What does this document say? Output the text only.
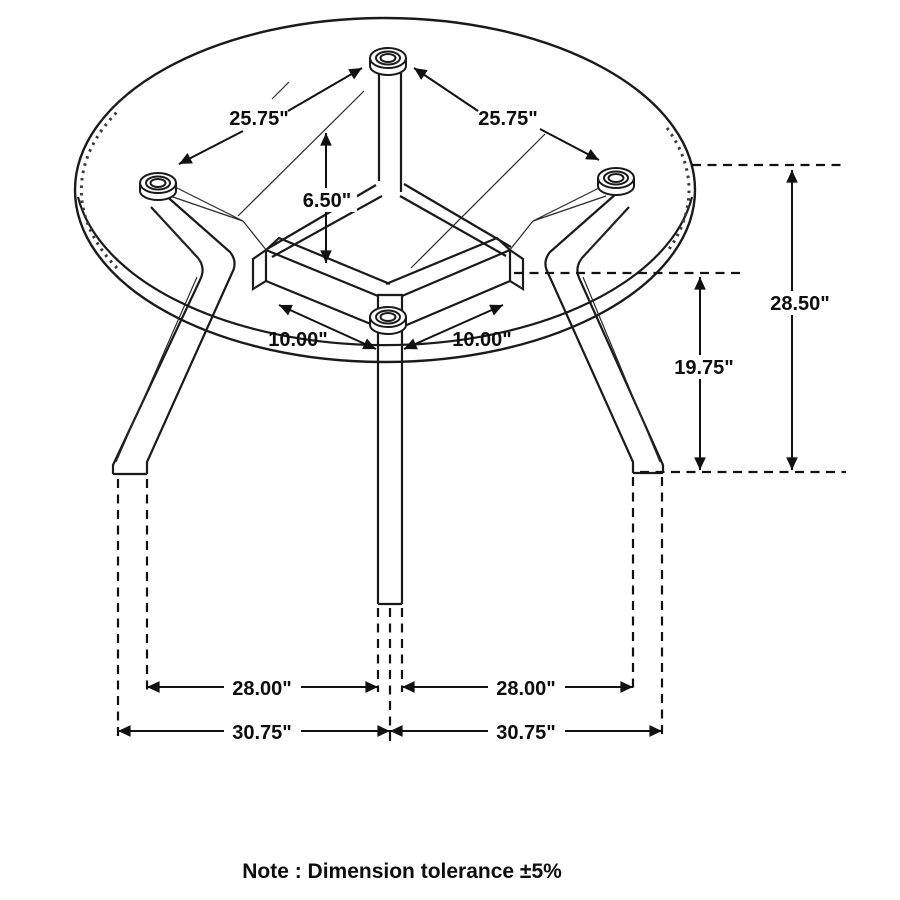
25.75"	25.75"
6.50"
10.00"	10.00"
28.50"
19.75"
28.00"	28.00"
30.75"	30.75"
Note : Dimension tolerance ±5%
